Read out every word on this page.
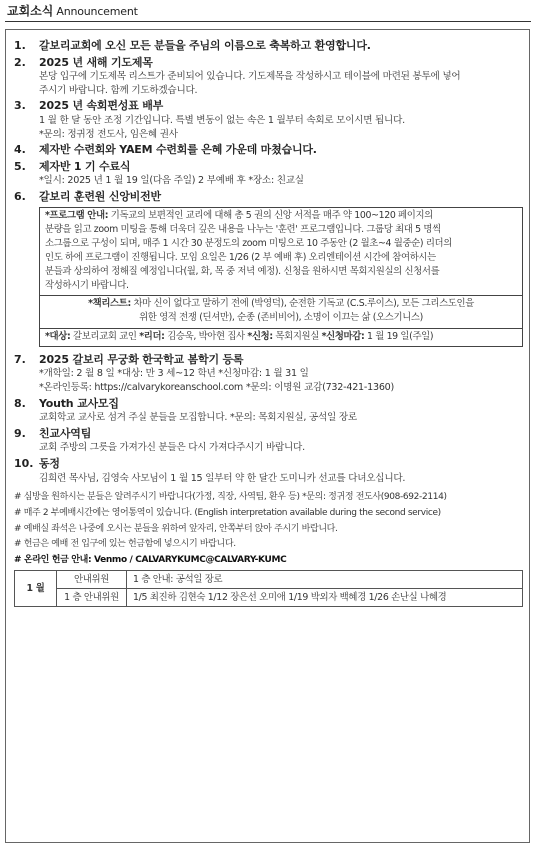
교회소식 Announcement
1.	갈보리교회에 오신 모든 분들을 주님의 이름으로 축복하고 환영합니다.
2.	2025 년 새해 기도제목
본당 입구에 기도제목 리스트가 준비되어 있습니다. 기도제목을 작성하시고 테이블에 마련된 봉투에 넣어
주시기 바랍니다. 함께 기도하겠습니다.
3.	2025 년 속회편성표 배부
1 월 한 달 동안 조정 기간입니다. 특별 변동이 없는 속은 1 월부터 속회로 모이시면 됩니다.
*문의: 정귀정 전도사, 임은혜 권사
4.	제자반 수련회와 YAEM 수련회를 은혜 가운데 마쳤습니다.
5.	제자반 1 기 수료식
*일시: 2025 년 1 월 19 일(다음 주일) 2 부예배 후 *장소: 친교실
6.	갈보리 훈련원 신앙비전반
*프로그램 안내: 기독교의 보편적인 교리에 대해 총 5 권의 신앙 서적을 매주 약 100~120 페이지의
분량을 읽고 zoom 미팅을 통해 더욱더 깊은 내용을 나누는 '훈련' 프로그램입니다. 그룹당 최대 5 명씩
소그룹으로 구성이 되며, 매주 1 시간 30 분정도의 zoom 미팅으로 10 주동안 (2 월초~4 월중순) 리더의
인도 하에 프로그램이 진행됩니다. 모임 요일은 1/26 (2 부 예배 후) 오리엔테이션 시간에 참여하시는
분들과 상의하여 정해질 예정입니다(월, 화, 목 중 저녁 예정). 신청을 원하시면 목회지원실의 신청서를
작성하시기 바랍니다.
*책리스트: 차마 신이 없다고 말하기 전에 (박영덕), 순전한 기독교 (C.S.루이스), 모든 그리스도인을
위한 영적 전쟁 (딘셔만), 순종 (존비비어), 소명이 이끄는 삶 (오스기니스)
*대상: 갈보리교회 교인 *리더: 김승욱, 박아현 집사 *신청: 목회지원실 *신청마감: 1 월 19 일(주일)
7.	2025 갈보리 무궁화 한국학교 봄학기 등록
*개학일: 2 월 8 일 *대상: 만 3 세~12 학년 *신청마감: 1 월 31 일
*온라인등록: https://calvarykoreanschool.com *문의: 이명원 교감(732-421-1360)
8.	Youth 교사모집
교회학교 교사로 섬겨 주실 분들을 모집합니다. *문의: 목회지원실, 공석일 장로
9.	친교사역팀
교회 주방의 그릇을 가져가신 분들은 다시 가져다주시기 바랍니다.
10. 동정
김희련 목사님, 김영숙 사모님이 1 월 15 일부터 약 한 달간 도미니카 선교를 다녀오십니다.
# 심방을 원하시는 분들은 알려주시기 바랍니다(가정, 직장, 사역팀, 환우 등) *문의: 정귀정 전도사(908-692-2114)
# 매주 2 부예배시간에는 영어통역이 있습니다. (English interpretation available during the second service)
# 예배실 좌석은 나중에 오시는 분들을 위하여 앞자리, 안쪽부터 앉아 주시기 바랍니다.
# 헌금은 예배 전 입구에 있는 헌금함에 넣으시기 바랍니다.
# 온라인 헌금 안내: Venmo / CALVARYKUMC@CALVARY-KUMC
1 월	안내위원	1 층 안내: 공석일 장로
	1 층 안내위원	1/5 최진하 김현숙 1/12 장은선 오미애 1/19 박외자 백혜경 1/26 손난실 나혜경
